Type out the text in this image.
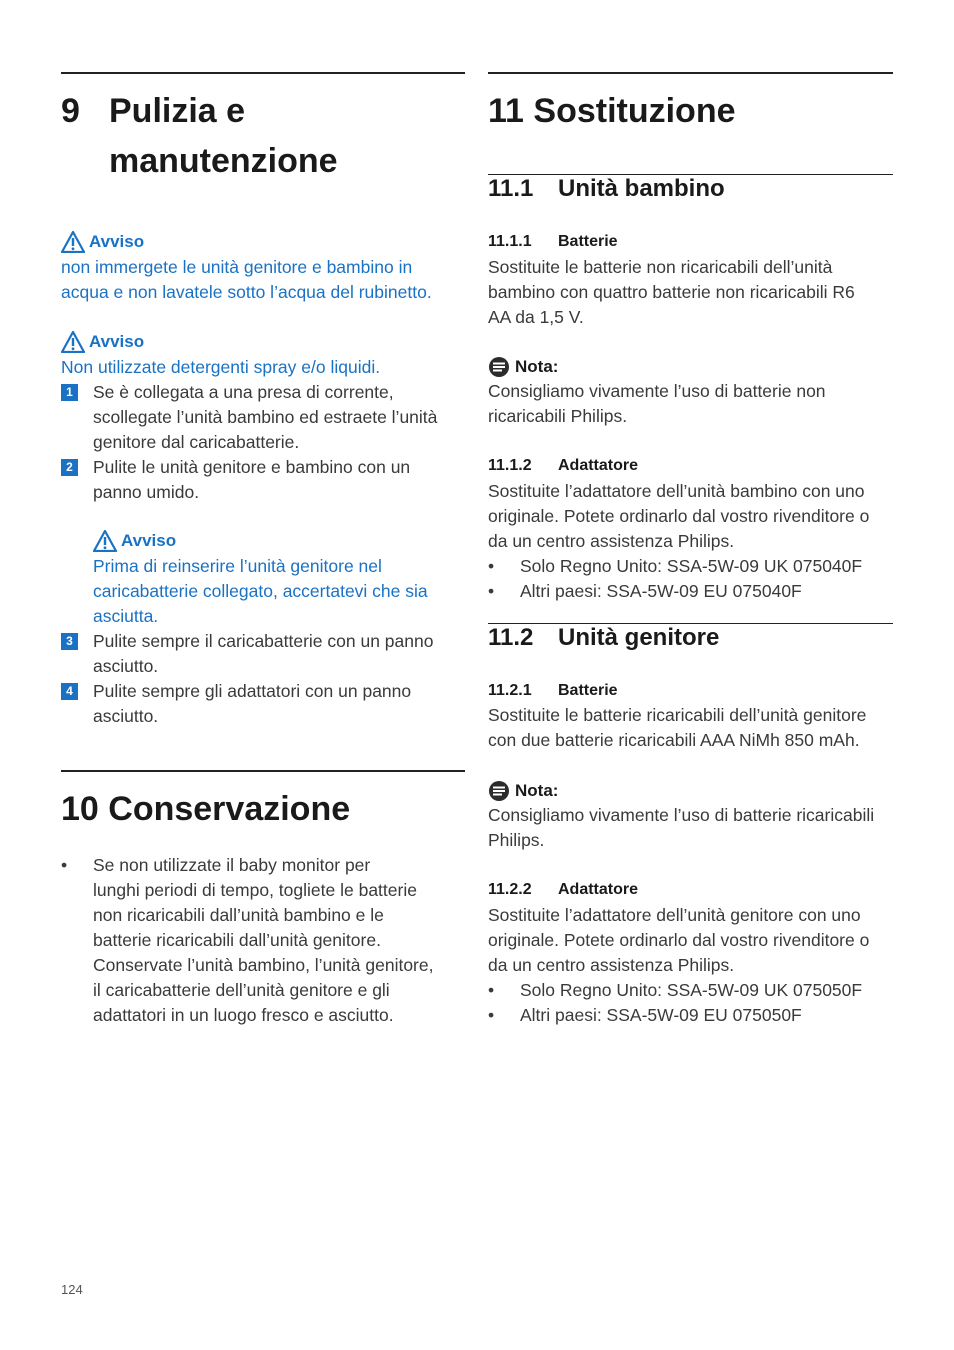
9 Pulizia e
manutenzione
Avviso
non immergete le unità genitore e bambino in
acqua e non lavatele sotto l’acqua del rubinetto.
Avviso
Non utilizzate detergenti spray e/o liquidi.
1 Se è collegata a una presa di corrente,
scollegate l’unità bambino ed estraete l’unità
genitore dal caricabatterie.
2 Pulite le unità genitore e bambino con un
panno umido.
Avviso
Prima di reinserire l’unità genitore nel
caricabatterie collegato, accertatevi che sia
asciutta.
3 Pulite sempre il caricabatterie con un panno
asciutto.
4 Pulite sempre gli adattatori con un panno
asciutto.
10 Conservazione
• Se non utilizzate il baby monitor per
lunghi periodi di tempo, togliete le batterie
non ricaricabili dall’unità bambino e le
batterie ricaricabili dall’unità genitore.
Conservate l’unità bambino, l’unità genitore,
il caricabatterie dell’unità genitore e gli
adattatori in un luogo fresco e asciutto.
11 Sostituzione
11.1 Unità bambino
11.1.1 Batterie
Sostituite le batterie non ricaricabili dell’unità
bambino con quattro batterie non ricaricabili R6
AA da 1,5 V.
Nota:
Consigliamo vivamente l’uso di batterie non
ricaricabili Philips.
11.1.2 Adattatore
Sostituite l’adattatore dell’unità bambino con uno
originale. Potete ordinarlo dal vostro rivenditore o
da un centro assistenza Philips.
• Solo Regno Unito: SSA-5W-09 UK 075040F
• Altri paesi: SSA-5W-09 EU 075040F
11.2 Unità genitore
11.2.1 Batterie
Sostituite le batterie ricaricabili dell’unità genitore
con due batterie ricaricabili AAA NiMh 850 mAh.
Nota:
Consigliamo vivamente l’uso di batterie ricaricabili
Philips.
11.2.2 Adattatore
Sostituite l’adattatore dell’unità genitore con uno
originale. Potete ordinarlo dal vostro rivenditore o
da un centro assistenza Philips.
• Solo Regno Unito: SSA-5W-09 UK 075050F
• Altri paesi: SSA-5W-09 EU 075050F
124
